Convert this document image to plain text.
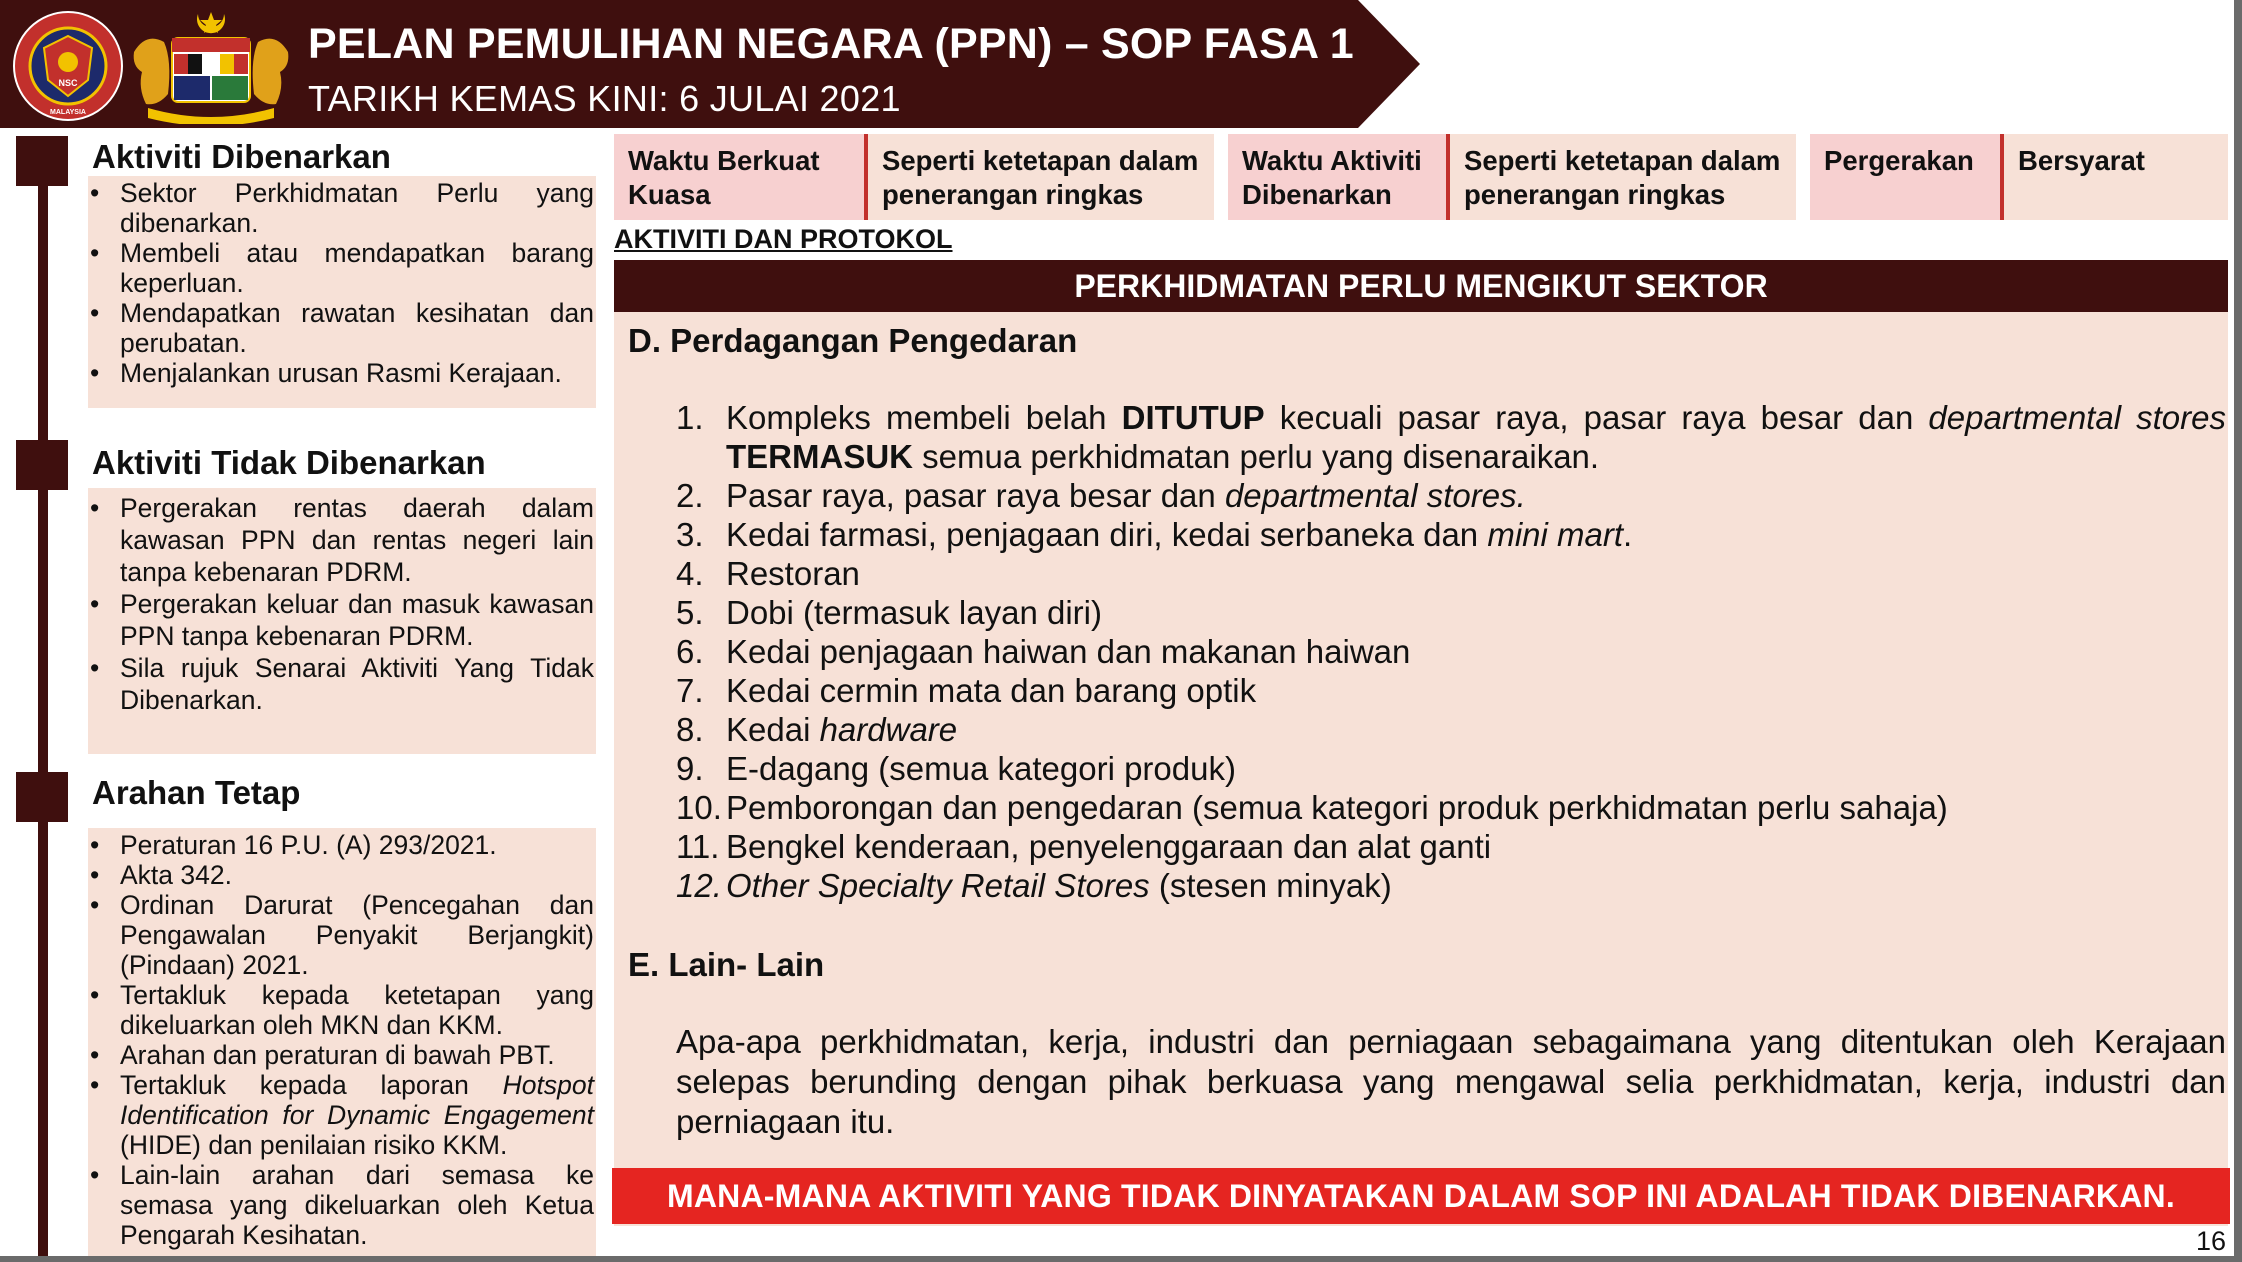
NSC
MALAYSIA
PELAN PEMULIHAN NEGARA (PPN) – SOP FASA 1
TARIKH KEMAS KINI: 6 JULAI 2021
Aktiviti Dibenarkan
• Sektor Perkhidmatan Perlu yang dibenarkan.
• Membeli atau mendapatkan barang keperluan.
• Mendapatkan rawatan kesihatan dan perubatan.
• Menjalankan urusan Rasmi Kerajaan.
Aktiviti Tidak Dibenarkan
• Pergerakan rentas daerah dalam kawasan PPN dan rentas negeri lain tanpa kebenaran PDRM.
• Pergerakan keluar dan masuk kawasan PPN tanpa kebenaran PDRM.
• Sila rujuk Senarai Aktiviti Yang Tidak Dibenarkan.
Arahan Tetap
• Peraturan 16 P.U. (A) 293/2021.
• Akta 342.
• Ordinan Darurat (Pencegahan dan Pengawalan Penyakit Berjangkit) (Pindaan) 2021.
• Tertakluk kepada ketetapan yang dikeluarkan oleh MKN dan KKM.
• Arahan dan peraturan di bawah PBT.
• Tertakluk kepada laporan Hotspot Identification for Dynamic Engagement (HIDE) dan penilaian risiko KKM.
• Lain-lain arahan dari semasa ke semasa yang dikeluarkan oleh Ketua Pengarah Kesihatan.
Waktu Berkuat Kuasa
Seperti ketetapan dalam penerangan ringkas
Waktu Aktiviti Dibenarkan
Seperti ketetapan dalam penerangan ringkas
Pergerakan	Bersyarat
AKTIVITI DAN PROTOKOL
PERKHIDMATAN PERLU MENGIKUT SEKTOR
D. Perdagangan Pengedaran
1. Kompleks membeli belah DITUTUP kecuali pasar raya, pasar raya besar dan departmental stores TERMASUK semua perkhidmatan perlu yang disenaraikan.
2. Pasar raya, pasar raya besar dan departmental stores.
3. Kedai farmasi, penjagaan diri, kedai serbaneka dan mini mart.
4. Restoran
5. Dobi (termasuk layan diri)
6. Kedai penjagaan haiwan dan makanan haiwan
7. Kedai cermin mata dan barang optik
8. Kedai hardware
9. E-dagang (semua kategori produk)
10. Pemborongan dan pengedaran (semua kategori produk perkhidmatan perlu sahaja)
11. Bengkel kenderaan, penyelenggaraan dan alat ganti
12. Other Specialty Retail Stores (stesen minyak)
E. Lain- Lain
Apa-apa perkhidmatan, kerja, industri dan perniagaan sebagaimana yang ditentukan oleh Kerajaan selepas berunding dengan pihak berkuasa yang mengawal selia perkhidmatan, kerja, industri dan perniagaan itu.
MANA-MANA AKTIVITI YANG TIDAK DINYATAKAN DALAM SOP INI ADALAH TIDAK DIBENARKAN.
16
